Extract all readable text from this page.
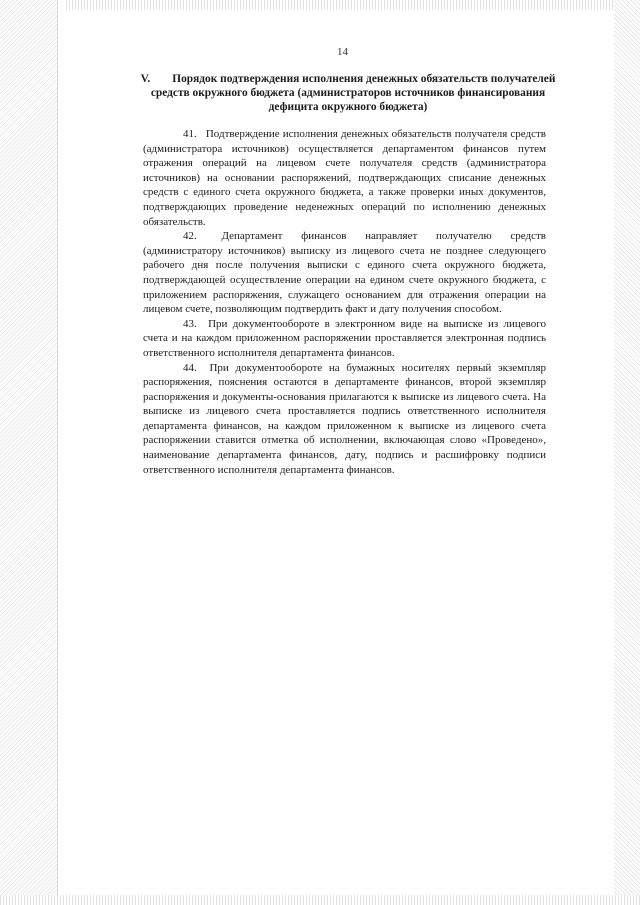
14
V. Порядок подтверждения исполнения денежных обязательств получателей средств окружного бюджета (администраторов источников финансирования дефицита окружного бюджета)

41. Подтверждение исполнения денежных обязательств получателя средств (администратора источников) осуществляется департаментом финансов путем отражения операций на лицевом счете получателя средств (администратора источников) на основании распоряжений, подтверждающих списание денежных средств с единого счета окружного бюджета, а также проверки иных документов, подтверждающих проведение неденежных операций по исполнению денежных обязательств.

42. Департамент финансов направляет получателю средств (администратору источников) выписку из лицевого счета не позднее следующего рабочего дня после получения выписки с единого счета окружного бюджета, подтверждающей осуществление операции на едином счете окружного бюджета, с приложением распоряжения, служащего основанием для отражения операции на лицевом счете, позволяющим подтвердить факт и дату получения способом.

43. При документообороте в электронном виде на выписке из лицевого счета и на каждом приложенном распоряжении проставляется электронная подпись ответственного исполнителя департамента финансов.

44. При документообороте на бумажных носителях первый экземпляр распоряжения, пояснения остаются в департаменте финансов, второй экземпляр распоряжения и документы-основания прилагаются к выписке из лицевого счета. На выписке из лицевого счета проставляется подпись ответственного исполнителя департамента финансов, на каждом приложенном к выписке из лицевого счета распоряжении ставится отметка об исполнении, включающая слово «Проведено», наименование департамента финансов, дату, подпись и расшифровку подписи ответственного исполнителя департамента финансов.
